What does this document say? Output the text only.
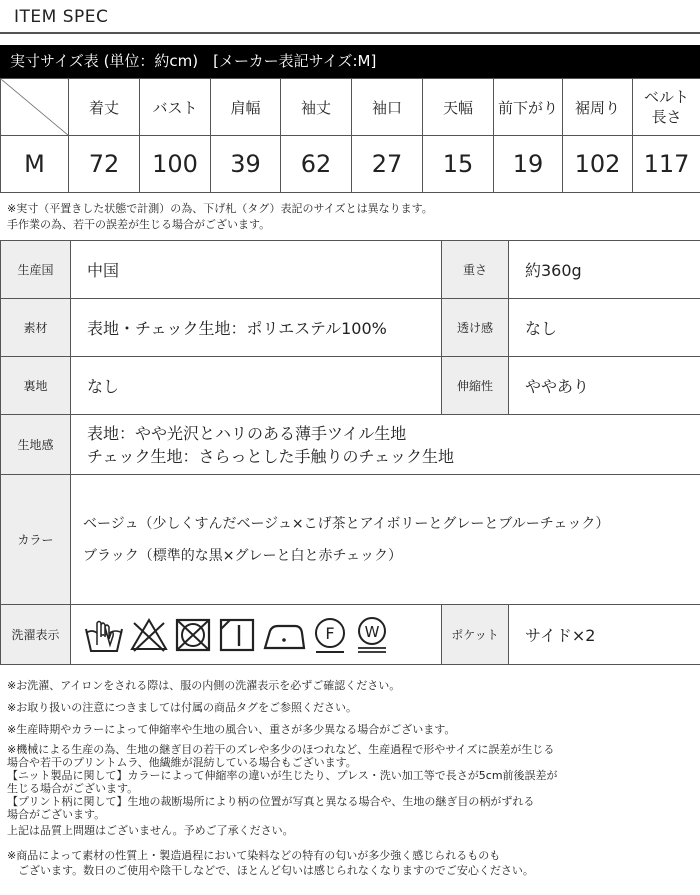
ITEM SPEC
実寸サイズ表 (単位：約cm)　[メーカー表記サイズ:M]
	着丈	バスト	肩幅	袖丈	袖口	天幅	前下がり	裾周り	ベルト
長さ
M	72	100	39	62	27	15	19	102	117
※実寸（平置きした状態で計測）の為、下げ札（タグ）表記のサイズとは異なります。
手作業の為、若干の誤差が生じる場合がございます。
生産国	中国	重さ	約360g
素材	表地・チェック生地：ポリエステル100%	透け感	なし
裏地	なし	伸縮性	ややあり
生地感	表地：やや光沢とハリのある薄手ツイル生地
チェック生地：さらっとした手触りのチェック生地		

カラー	ベージュ（少しくすんだベージュ×こげ茶とアイボリーとグレーとブルーチェック）
ブラック（標準的な黒×グレーと白と赤チェック）		

洗濯表示	F W	ポケット	サイド×2
※お洗濯、アイロンをされる際は、服の内側の洗濯表示を必ずご確認ください。
※お取り扱いの注意につきましては付属の商品タグをご参照ください。
※生産時期やカラーによって伸縮率や生地の風合い、重さが多少異なる場合がございます。
※機械による生産の為、生地の継ぎ目の若干のズレや多少のほつれなど、生産過程で形やサイズに誤差が生じる
場合や若干のプリントムラ、他繊維が混紡している場合もございます。
【ニット製品に関して】カラーによって伸縮率の違いが生じたり、プレス・洗い加工等で長さが5cm前後誤差が
生じる場合がございます。
【プリント柄に関して】生地の裁断場所により柄の位置が写真と異なる場合や、生地の継ぎ目の柄がずれる
場合がございます。
上記は品質上問題はございません。予めご了承ください。
※商品によって素材の性質上・製造過程において染料などの特有の匂いが多少強く感じられるものも
　ございます。数日のご使用や陰干しなどで、ほとんど匂いは感じられなくなりますのでご安心ください。
